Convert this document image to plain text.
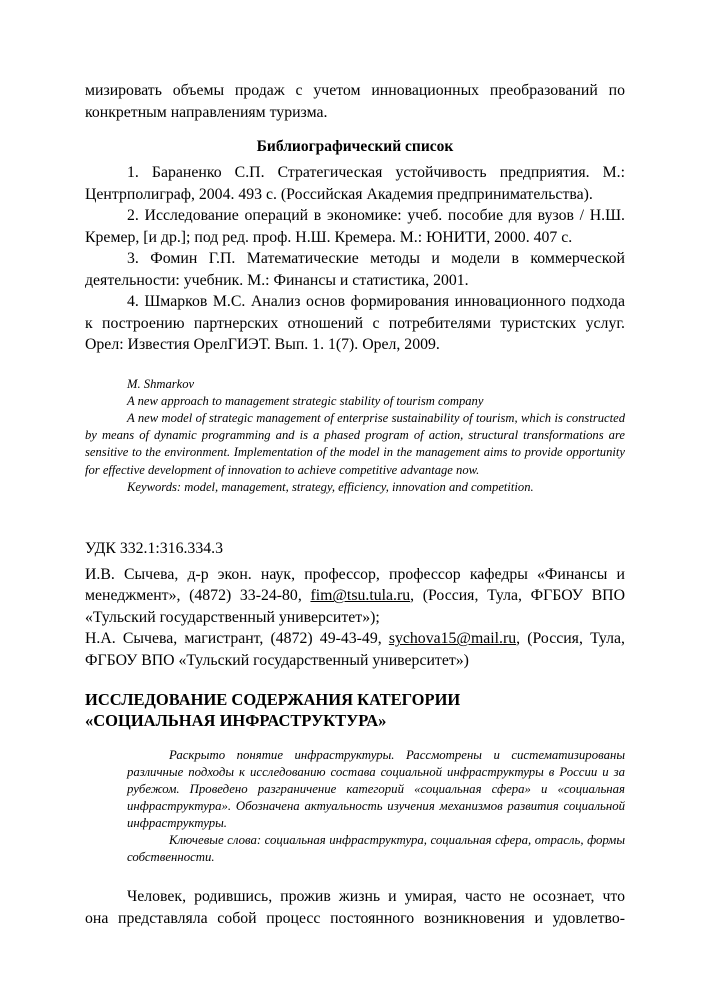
мизировать объемы продаж с учетом инновационных преобразований по
конкретным направлениям туризма.
Библиографический список
1. Бараненко С.П. Стратегическая устойчивость предприятия. М.: Центрполиграф, 2004. 493 с. (Российская Академия предпринимательства).
2. Исследование операций в экономике: учеб. пособие для вузов / Н.Ш. Кремер, [и др.]; под ред. проф. Н.Ш. Кремера. М.: ЮНИТИ, 2000. 407 с.
3. Фомин Г.П. Математические методы и модели в коммерческой деятельности: учебник. М.: Финансы и статистика, 2001.
4. Шмарков М.С. Анализ основ формирования инновационного подхода к построению партнерских отношений с потребителями туристских услуг. Орел: Известия ОрелГИЭТ. Вып. 1. 1(7). Орел, 2009.
M. Shmarkov
A new approach to management strategic stability of tourism company
A new model of strategic management of enterprise sustainability of tourism, which is constructed by means of dynamic programming and is a phased program of action, structural transformations are sensitive to the environment. Implementation of the model in the management aims to provide opportunity for effective development of innovation to achieve competitive advantage now.
Keywords: model, management, strategy, efficiency, innovation and competition.
УДК 332.1:316.334.3
И.В. Сычева, д-р экон. наук, профессор, профессор кафедры «Финансы и менеджмент», (4872) 33-24-80, fim@tsu.tula.ru, (Россия, Тула, ФГБОУ ВПО «Тульский государственный университет»);
Н.А. Сычева, магистрант, (4872) 49-43-49, sychova15@mail.ru, (Россия, Тула, ФГБОУ ВПО «Тульский государственный университет»)
ИССЛЕДОВАНИЕ СОДЕРЖАНИЯ КАТЕГОРИИ
«СОЦИАЛЬНАЯ ИНФРАСТРУКТУРА»
Раскрыто понятие инфраструктуры. Рассмотрены и систематизированы различные подходы к исследованию состава социальной инфраструктуры в России и за рубежом. Проведено разграничение категорий «социальная сфера» и «социальная инфраструктура». Обозначена актуальность изучения механизмов развития социальной инфраструктуры.
Ключевые слова: социальная инфраструктура, социальная сфера, отрасль, формы собственности.
Человек, родившись, прожив жизнь и умирая, часто не осознает, что
она представляла собой процесс постоянного возникновения и удовлетво-
